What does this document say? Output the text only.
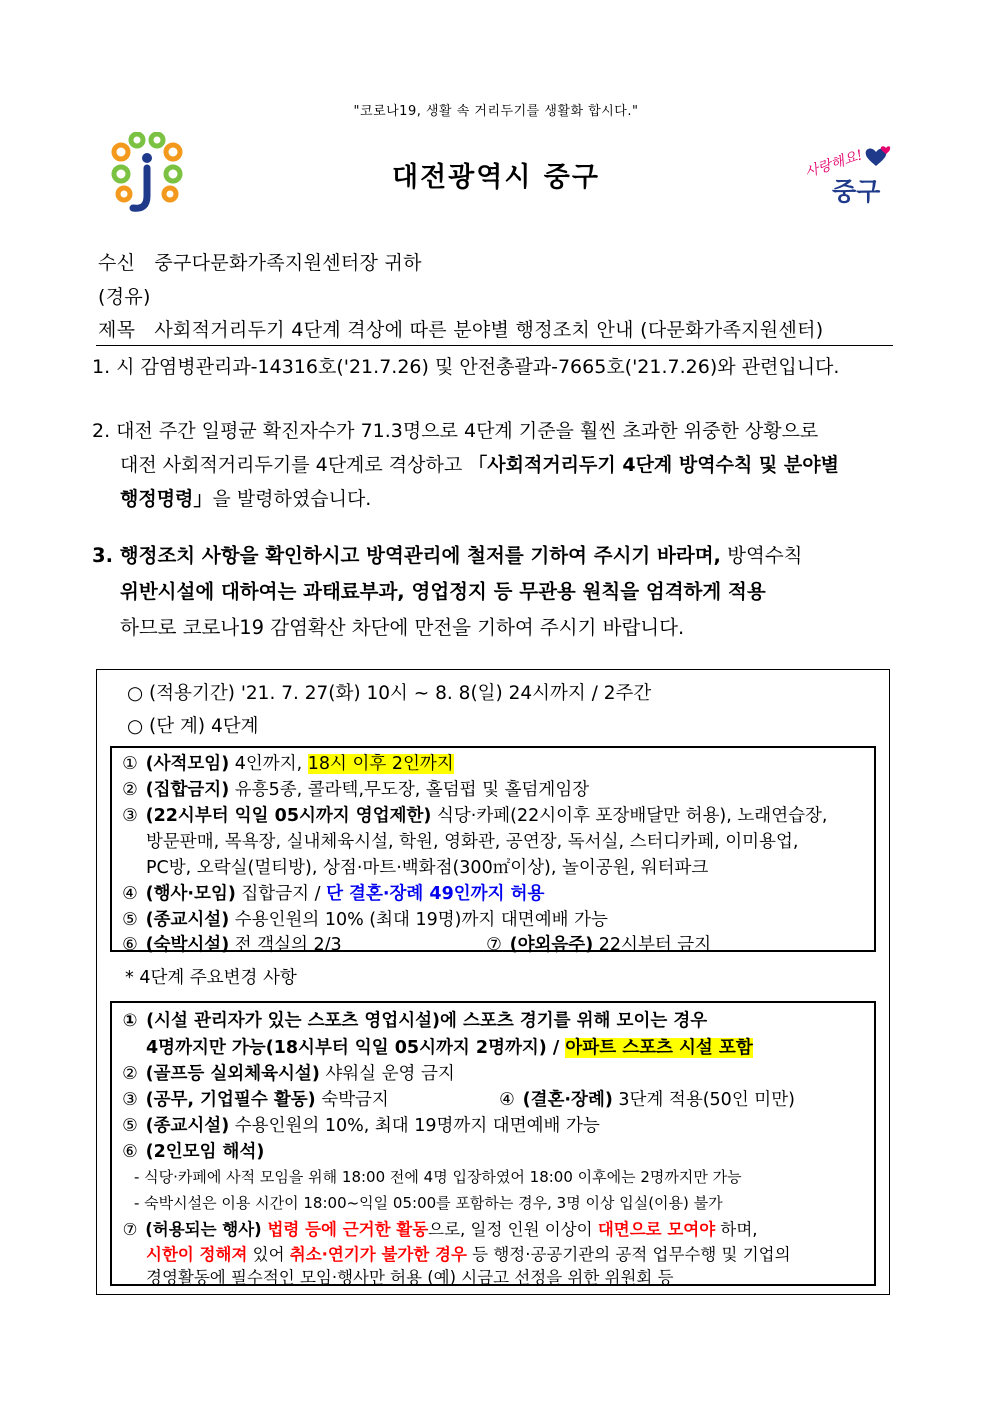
"코로나19, 생활 속 거리두기를 생활화 합시다."
대전광역시 중구	사랑해요!
중구
수신 중구다문화가족지원센터장 귀하
(경유)
제목 사회적거리두기 4단계 격상에 따른 분야별 행정조치 안내 (다문화가족지원센터)
1. 시 감염병관리과-14316호('21.7.26) 및 안전총괄과-7665호('21.7.26)와 관련입니다.
2. 대전 주간 일평균 확진자수가 71.3명으로 4단계 기준을 훨씬 초과한 위중한 상황으로
대전 사회적거리두기를 4단계로 격상하고 「사회적거리두기 4단계 방역수칙 및 분야별
행정명령」을 발령하였습니다.
3. 행정조치 사항을 확인하시고 방역관리에 철저를 기하여 주시기 바라며, 방역수칙
위반시설에 대하여는 과태료부과, 영업정지 등 무관용 원칙을 엄격하게 적용
하므로 코로나19 감염확산 차단에 만전을 기하여 주시기 바랍니다.
○ (적용기간) '21. 7. 27(화) 10시 ~ 8. 8(일) 24시까지 / 2주간
○ (단 계) 4단계
① (사적모임) 4인까지, 18시 이후 2인까지
② (집합금지) 유흥5종, 콜라텍,무도장, 홀덤펍 및 홀덤게임장
③ (22시부터 익일 05시까지 영업제한) 식당·카페(22시이후 포장배달만 허용), 노래연습장,
방문판매, 목욕장, 실내체육시설, 학원, 영화관, 공연장, 독서실, 스터디카페, 이미용업,
PC방, 오락실(멀티방), 상점·마트·백화점(300㎡이상), 놀이공원, 워터파크
④ (행사·모임) 집합금지 / 단 결혼·장례 49인까지 허용
⑤ (종교시설) 수용인원의 10% (최대 19명)까지 대면예배 가능
⑥ (숙박시설) 전 객실의 2/3	⑦ (야외음주) 22시부터 금지
* 4단계 주요변경 사항
① (시설 관리자가 있는 스포츠 영업시설)에 스포츠 경기를 위해 모이는 경우
4명까지만 가능(18시부터 익일 05시까지 2명까지) / 아파트 스포츠 시설 포함
② (골프등 실외체육시설) 샤워실 운영 금지
③ (공무, 기업필수 활동) 숙박금지	④ (결혼·장례) 3단계 적용(50인 미만)
⑤ (종교시설) 수용인원의 10%, 최대 19명까지 대면예배 가능
⑥ (2인모임 해석)
- 식당·카페에 사적 모임을 위해 18:00 전에 4명 입장하였어 18:00 이후에는 2명까지만 가능
- 숙박시설은 이용 시간이 18:00~익일 05:00를 포함하는 경우, 3명 이상 입실(이용) 불가
⑦ (허용되는 행사) 법령 등에 근거한 활동으로, 일정 인원 이상이 대면으로 모여야 하며,
시한이 정해져 있어 취소·연기가 불가한 경우 등 행정·공공기관의 공적 업무수행 및 기업의
경영활동에 필수적인 모임·행사만 허용 (예) 시금고 선정을 위한 위원회 등
